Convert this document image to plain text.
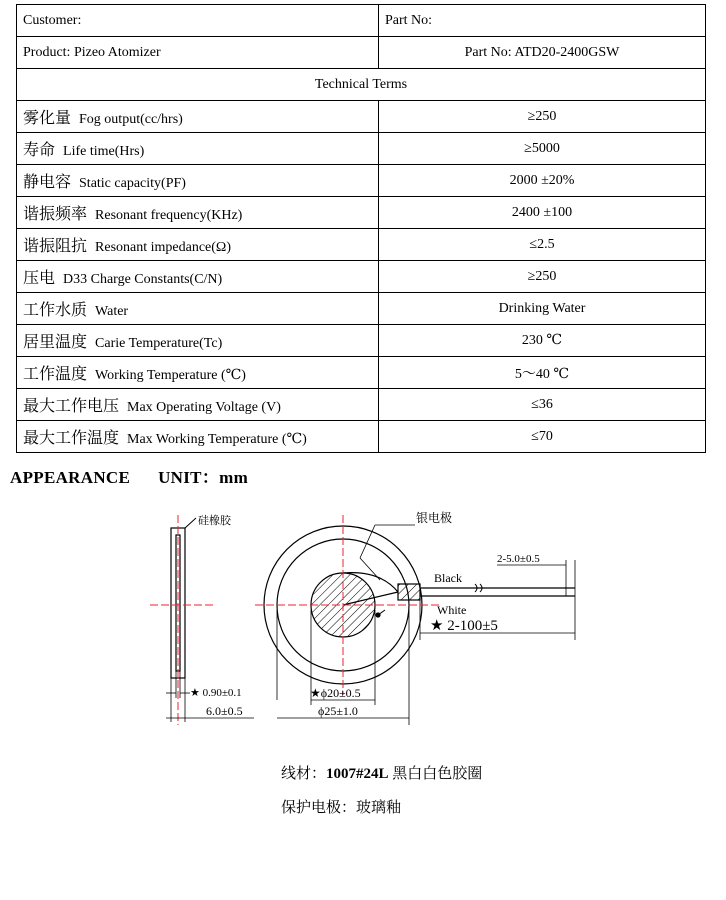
Customer:	Part No:
Product: Pizeo Atomizer	Part No: ATD20-2400GSW
Technical Terms	
雾化量 Fog output(cc/hrs)	≥250
寿命 Life time(Hrs)	≥5000
静电容 Static capacity(PF)	2000 ±20%
谐振频率 Resonant frequency(KHz)	2400 ±100
谐振阻抗 Resonant impedance(Ω)	≤2.5
压电 D33 Charge Constants(C/N)	≥250
工作水质 Water	Drinking Water
居里温度 Carie Temperature(Tc)	230 ℃
工作温度 Working Temperature (℃)	5～40 ℃
最大工作电压 Max Operating Voltage (V)	≤36
最大工作温度 Max Working Temperature (℃)	≤70
APPEARANCE UNIT：mm
硅橡胶
★ 0.90±0.1
6.0±0.5
银电极
Black
White
2-5.0±0.5
★ 2-100±5
★ϕ20±0.5
ϕ25±1.0
线材：1007#24L 黑白白色胶圈
保护电极：玻璃釉
